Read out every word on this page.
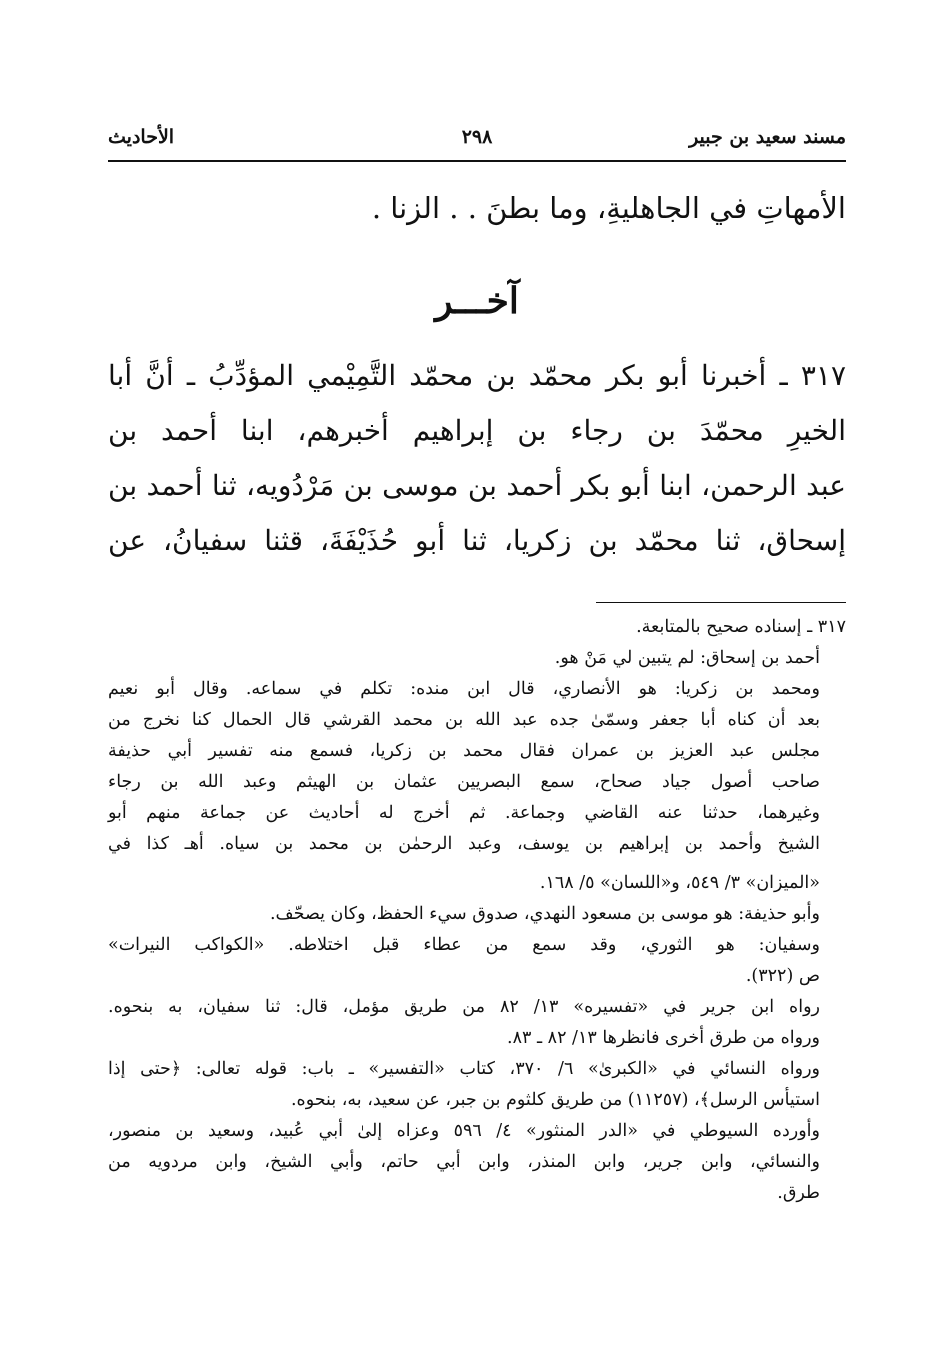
مسند سعيد بن جبير
٢٩٨
الأحاديث
الأمهاتِ في الجاهليةِ، وما بطنَ . . الزنا .
آخـــر
٣١٧ ـ أخبرنا أبو بكر محمّد بن محمّد التَّمِيْمي المؤدِّبُ ـ أنَّ أبا
الخيرِ محمّدَ بن رجاء بن إبراهيم أخبرهم، ابنا أحمد بن
عبد الرحمن، ابنا أبو بكر أحمد بن موسى بن مَرْدُويه، ثنا أحمد بن
إسحاق، ثنا محمّد بن زكريا، ثنا أبو حُذَيْفَةَ، قثنا سفيانُ، عن
٣١٧ ـ إسناده صحيح بالمتابعة.
أحمد بن إسحاق: لم يتبين لي مَنْ هو.
ومحمد بن زكريا: هو الأنصاري، قال ابن منده: تكلم في سماعه. وقال أبو نعيم
بعد أن كناه أبا جعفر وسمّىٰ جده عبد الله بن محمد القرشي قال الحمال كنا نخرج من
مجلس عبد العزيز بن عمران فقال محمد بن زكريا، فسمع منه تفسير أبي حذيفة
صاحب أصول جياد صحاح، سمع البصريين عثمان بن الهيثم وعبد الله بن رجاء
وغيرهما، حدثنا عنه القاضي وجماعة. ثم أخرج له أحاديث عن جماعة منهم أبو
الشيخ وأحمد بن إبراهيم بن يوسف، وعبد الرحمٰن بن محمد بن سياه. أهـ كذا في
«الميزان» ٣/ ٥٤٩، و«اللسان» ٥/ ١٦٨.
وأبو حذيفة: هو موسى بن مسعود النهدي، صدوق سيء الحفظ، وكان يصحّف.
وسفيان: هو الثوري، وقد سمع من عطاء قبل اختلاطه. «الكواكب النيرات»
ص (٣٢٢).
رواه ابن جرير في «تفسيره» ١٣/ ٨٢ من طريق مؤمل، قال: ثنا سفيان، به بنحوه.
ورواه من طرق أخرى فانظرها ١٣/ ٨٢ ـ ٨٣.
ورواه النسائي في «الكبرىٰ» ٦/ ٣٧٠، كتاب «التفسير» ـ باب: قوله تعالى: ﴿حتى إذا
استيأس الرسل﴾، (١١٢٥٧) من طريق كلثوم بن جبر، عن سعيد، به، بنحوه.
وأورده السيوطي في «الدر المنثور» ٤/ ٥٩٦ وعزاه إلىٰ أبي عُبيد، وسعيد بن منصور،
والنسائي، وابن جرير، وابن المنذر، وابن أبي حاتم، وأبي الشيخ، وابن مردويه من
طرق.
